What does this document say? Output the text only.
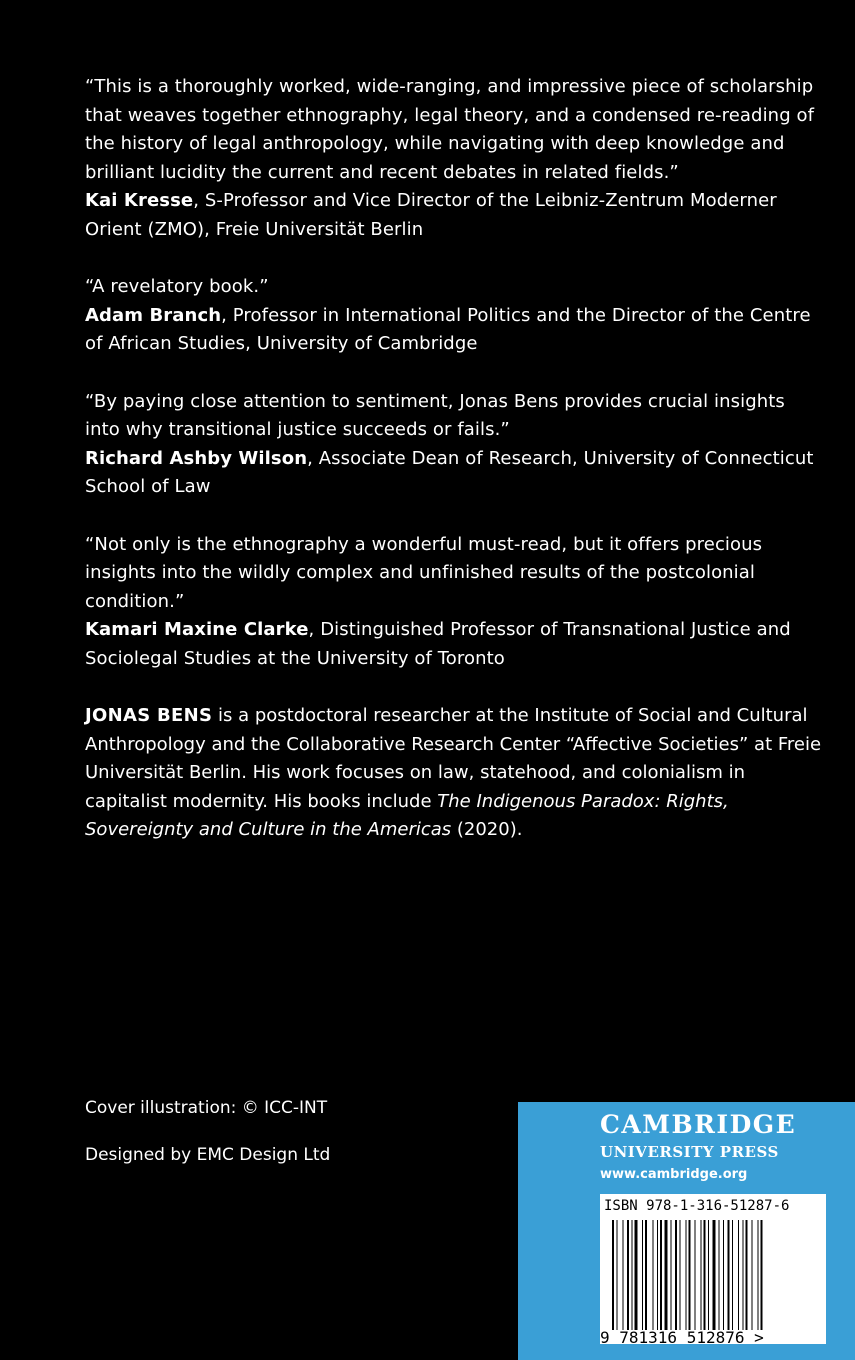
“This is a thoroughly worked, wide-ranging, and impressive piece of scholarship that weaves together ethnography, legal theory, and a condensed re-reading of the history of legal anthropology, while navigating with deep knowledge and brilliant lucidity the current and recent debates in related fields.”

Kai Kresse, S-Professor and Vice Director of the Leibniz-Zentrum Moderner Orient (ZMO), Freie Universität Berlin

“A revelatory book.”

Adam Branch, Professor in International Politics and the Director of the Centre of African Studies, University of Cambridge

“By paying close attention to sentiment, Jonas Bens provides crucial insights into why transitional justice succeeds or fails.”

Richard Ashby Wilson, Associate Dean of Research, University of Connecticut School of Law

“Not only is the ethnography a wonderful must-read, but it offers precious insights into the wildly complex and unfinished results of the postcolonial condition.”

Kamari Maxine Clarke, Distinguished Professor of Transnational Justice and Sociolegal Studies at the University of Toronto

JONAS BENS is a postdoctoral researcher at the Institute of Social and Cultural Anthropology and the Collaborative Research Center “Affective Societies” at Freie Universität Berlin. His work focuses on law, statehood, and colonialism in capitalist modernity. His books include The Indigenous Paradox: Rights, Sovereignty and Culture in the Americas (2020).

Cover illustration: © ICC-INT
Designed by EMC Design Ltd
CAMBRIDGE
UNIVERSITY PRESS
www.cambridge.org
ISBN 978-1-316-51287-6
9 781316 512876 >
